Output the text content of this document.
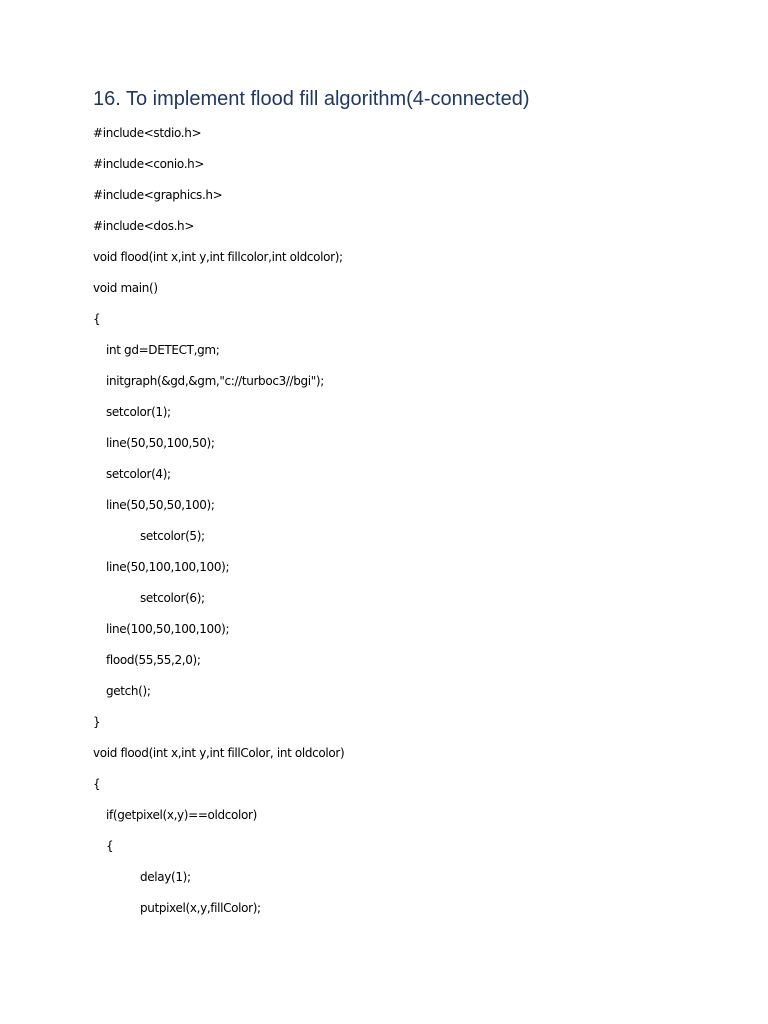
16. To implement flood fill algorithm(4-connected)
#include<stdio.h>
#include<conio.h>
#include<graphics.h>
#include<dos.h>
void flood(int x,int y,int fillcolor,int oldcolor);
void main()
{
int gd=DETECT,gm;
initgraph(&gd,&gm,"c://turboc3//bgi");
setcolor(1);
line(50,50,100,50);
setcolor(4);
line(50,50,50,100);
setcolor(5);
line(50,100,100,100);
setcolor(6);
line(100,50,100,100);
flood(55,55,2,0);
getch();
}
void flood(int x,int y,int fillColor, int oldcolor)
{
if(getpixel(x,y)==oldcolor)
{
delay(1);
putpixel(x,y,fillColor);
